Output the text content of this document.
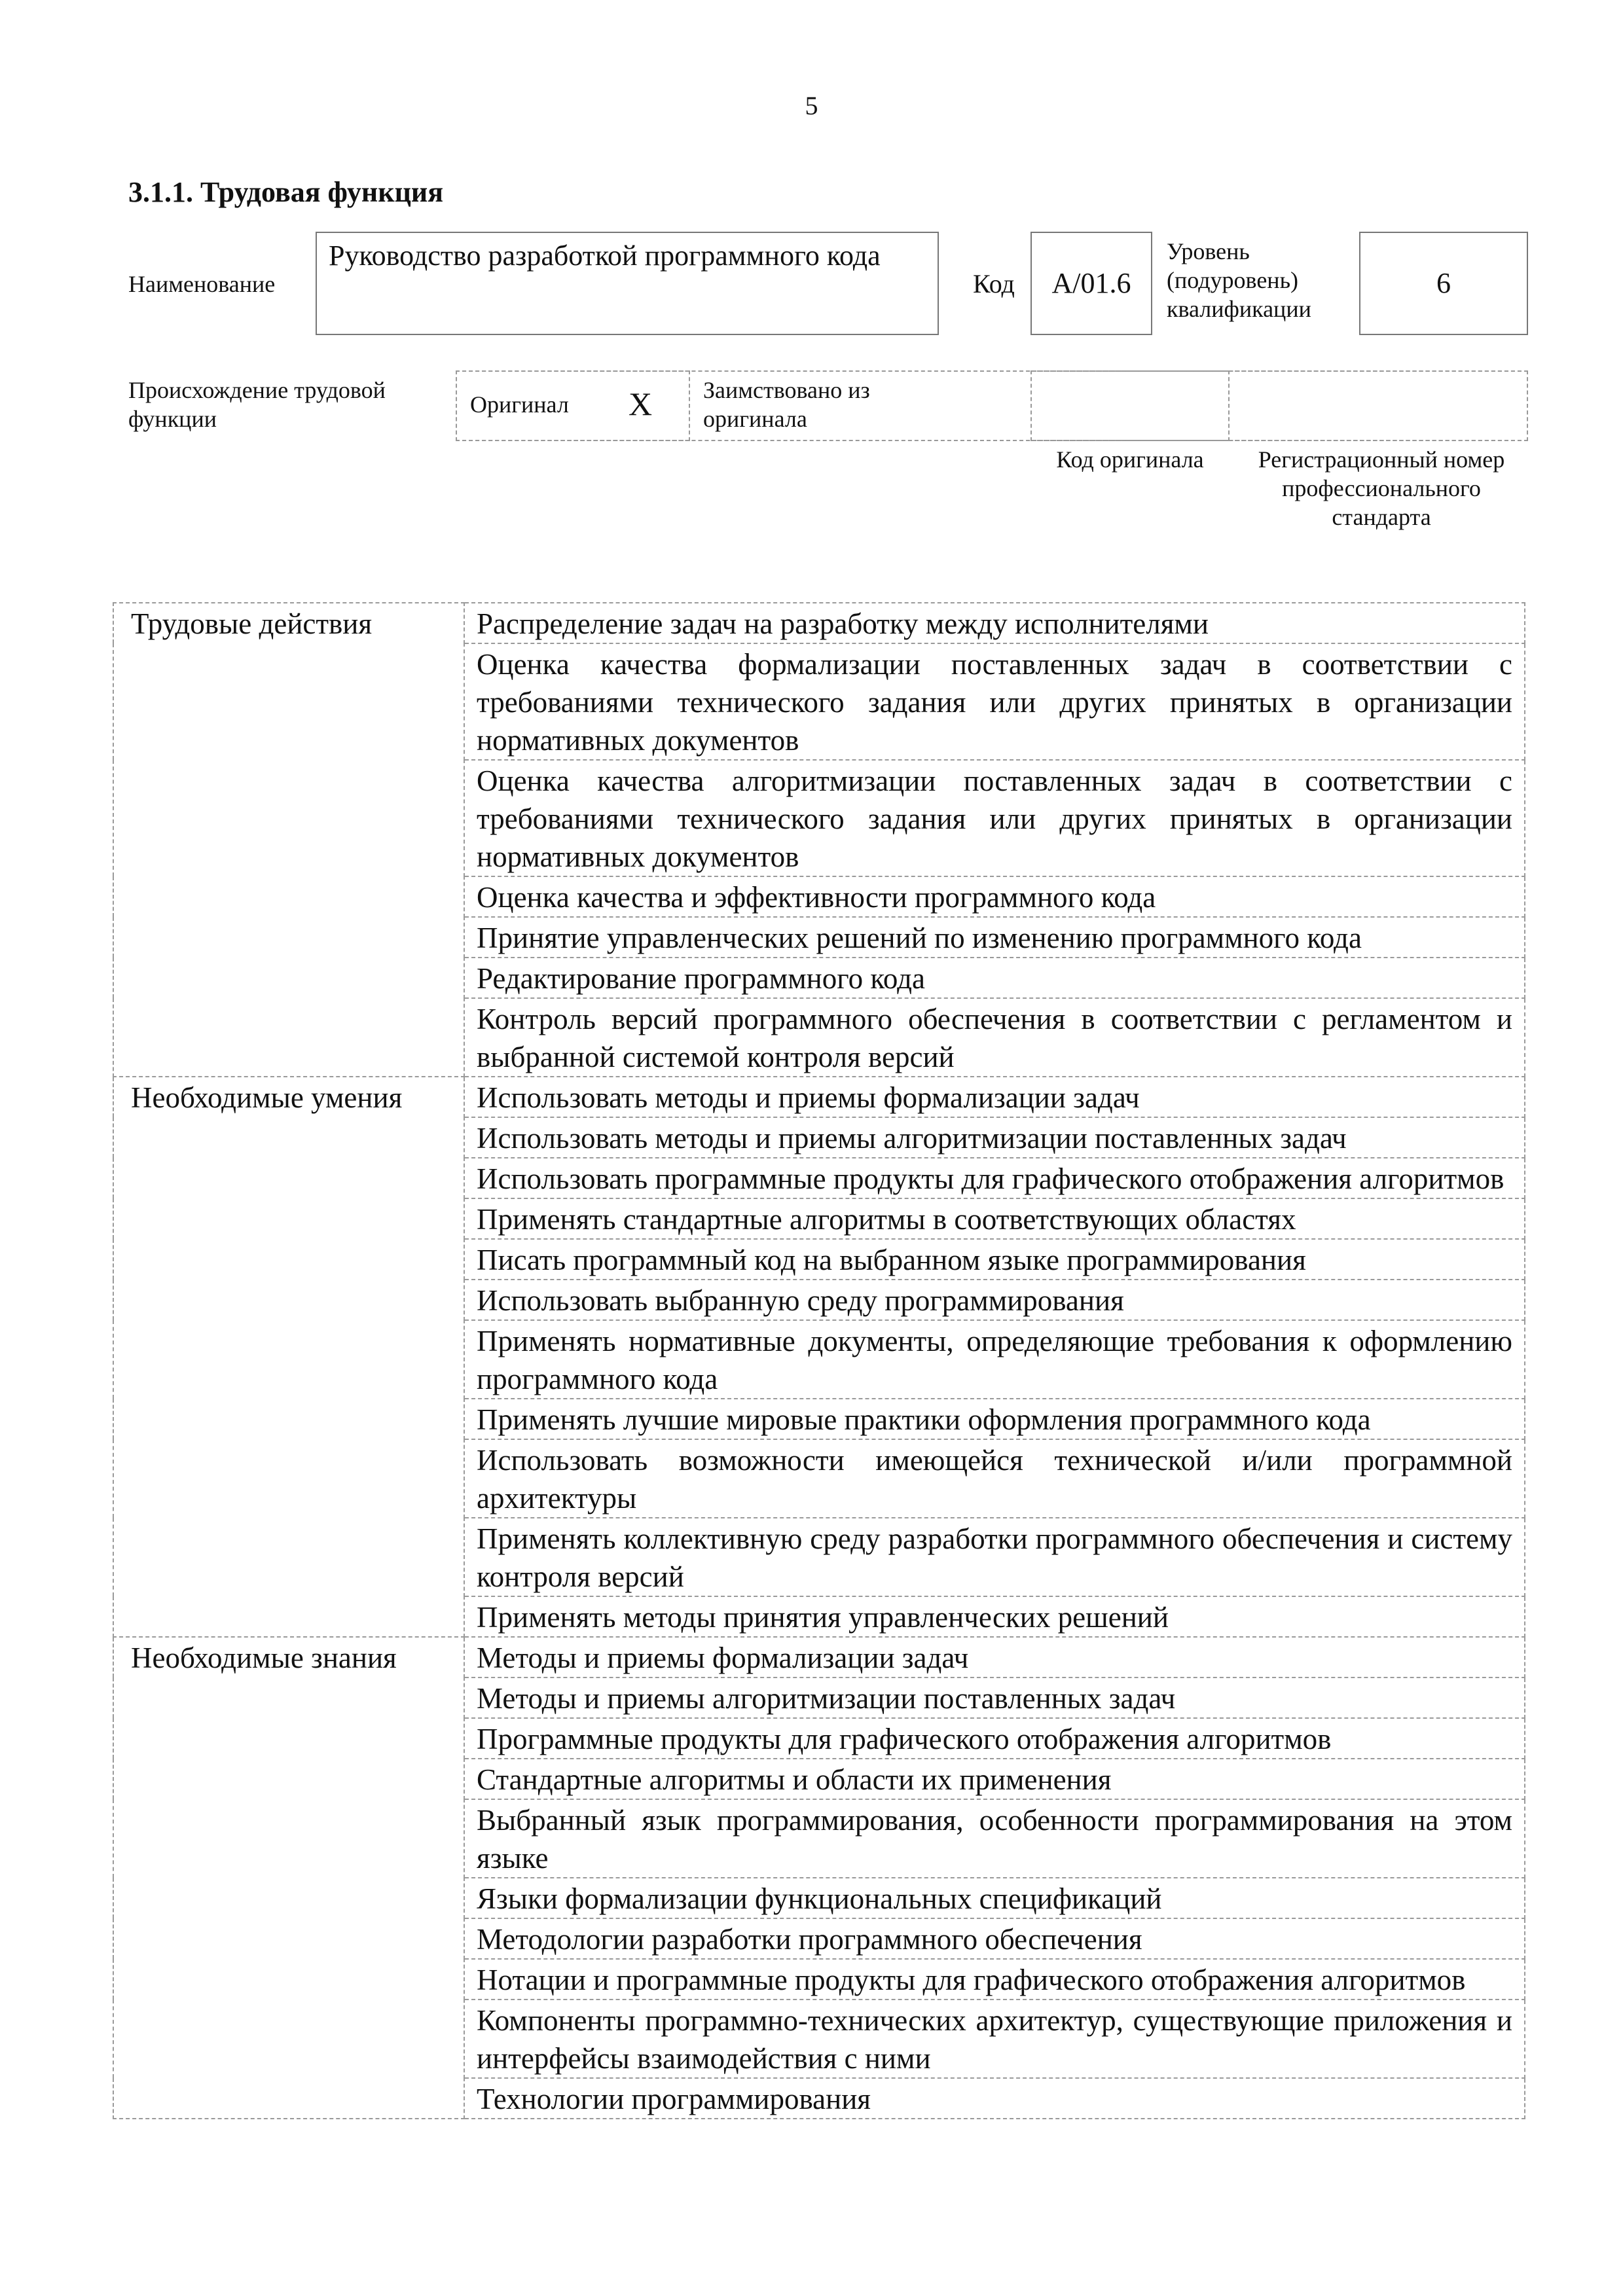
5
3.1.1. Трудовая функция
Наименование
Руководство разработкой программного кода
Код	A/01.6
Уровень (подуровень) квалификации
6
Происхождение трудовой функции
Оригинал X Заимствовано из оригинала
Код оригинала	Регистрационный номер профессионального стандарта
Трудовые действия	Распределение задач на разработку между исполнителями
	Оценка качества формализации поставленных задач в соответствии с требованиями технического задания или других принятых в организации нормативных документов
	Оценка качества алгоритмизации поставленных задач в соответствии с требованиями технического задания или других принятых в организации нормативных документов
	Оценка качества и эффективности программного кода
	Принятие управленческих решений по изменению программного кода
	Редактирование программного кода
	Контроль версий программного обеспечения в соответствии с регламентом и выбранной системой контроля версий
Необходимые умения	Использовать методы и приемы формализации задач
	Использовать методы и приемы алгоритмизации поставленных задач
	Использовать программные продукты для графического отображения алгоритмов
	Применять стандартные алгоритмы в соответствующих областях
	Писать программный код на выбранном языке программирования
	Использовать выбранную среду программирования
	Применять нормативные документы, определяющие требования к оформлению программного кода
	Применять лучшие мировые практики оформления программного кода
	Использовать возможности имеющейся технической и/или программной архитектуры
	Применять коллективную среду разработки программного обеспечения и систему контроля версий
	Применять методы принятия управленческих решений
Необходимые знания	Методы и приемы формализации задач
	Методы и приемы алгоритмизации поставленных задач
	Программные продукты для графического отображения алгоритмов
	Стандартные алгоритмы и области их применения
	Выбранный язык программирования, особенности программирования на этом языке
	Языки формализации функциональных спецификаций
	Методологии разработки программного обеспечения
	Нотации и программные продукты для графического отображения алгоритмов
	Компоненты программно-технических архитектур, существующие приложения и интерфейсы взаимодействия с ними
	Технологии программирования
